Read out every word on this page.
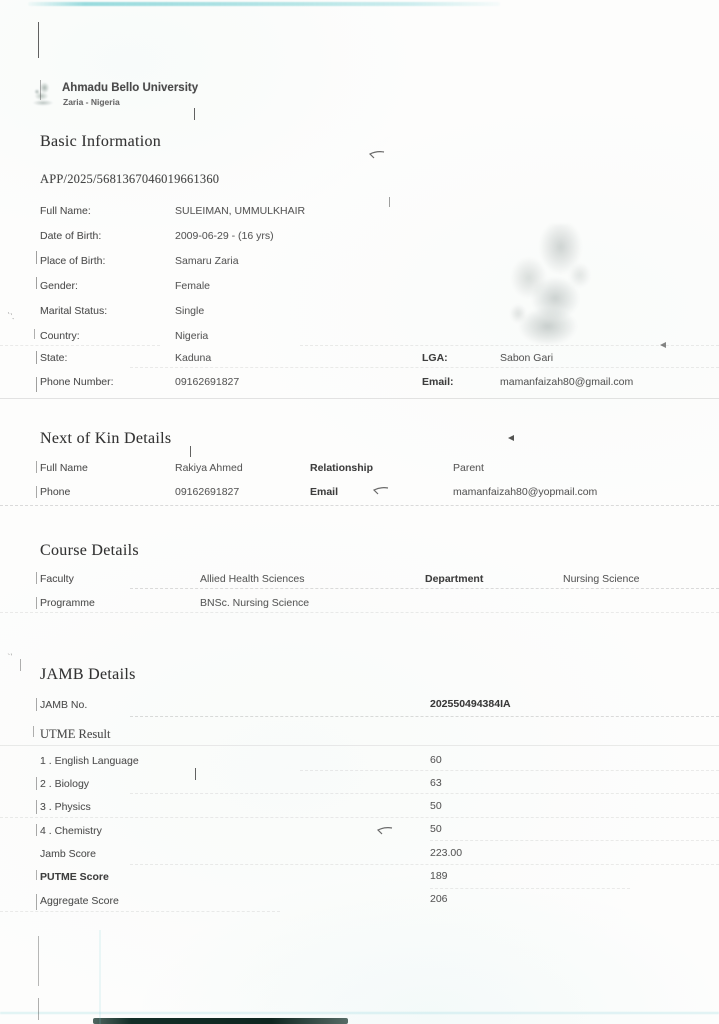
Ahmadu Bello University
Zaria - Nigeria
Basic Information
APP/2025/5681367046019661360
Full Name:	SULEIMAN, UMMULKHAIR
Date of Birth:	2009-06-29 - (16 yrs)
Place of Birth:	Samaru Zaria
Gender:	Female
Marital Status:	Single
Country:	Nigeria
State:	Kaduna	LGA:	Sabon Gari
Phone Number:	09162691827	Email:	mamanfaizah80@gmail.com
Next of Kin Details
Full Name	Rakiya Ahmed	Relationship	Parent
Phone	09162691827	Email	mamanfaizah80@yopmail.com
Course Details
Faculty	Allied Health Sciences	Department	Nursing Science
Programme	BNSc. Nursing Science
JAMB Details
JAMB No.	202550494384IA
UTME Result
1 . English Language	60
2 . Biology	63
3 . Physics	50
4 . Chemistry	50
Jamb Score	223.00
PUTME Score	189
Aggregate Score	206
``·
`'
